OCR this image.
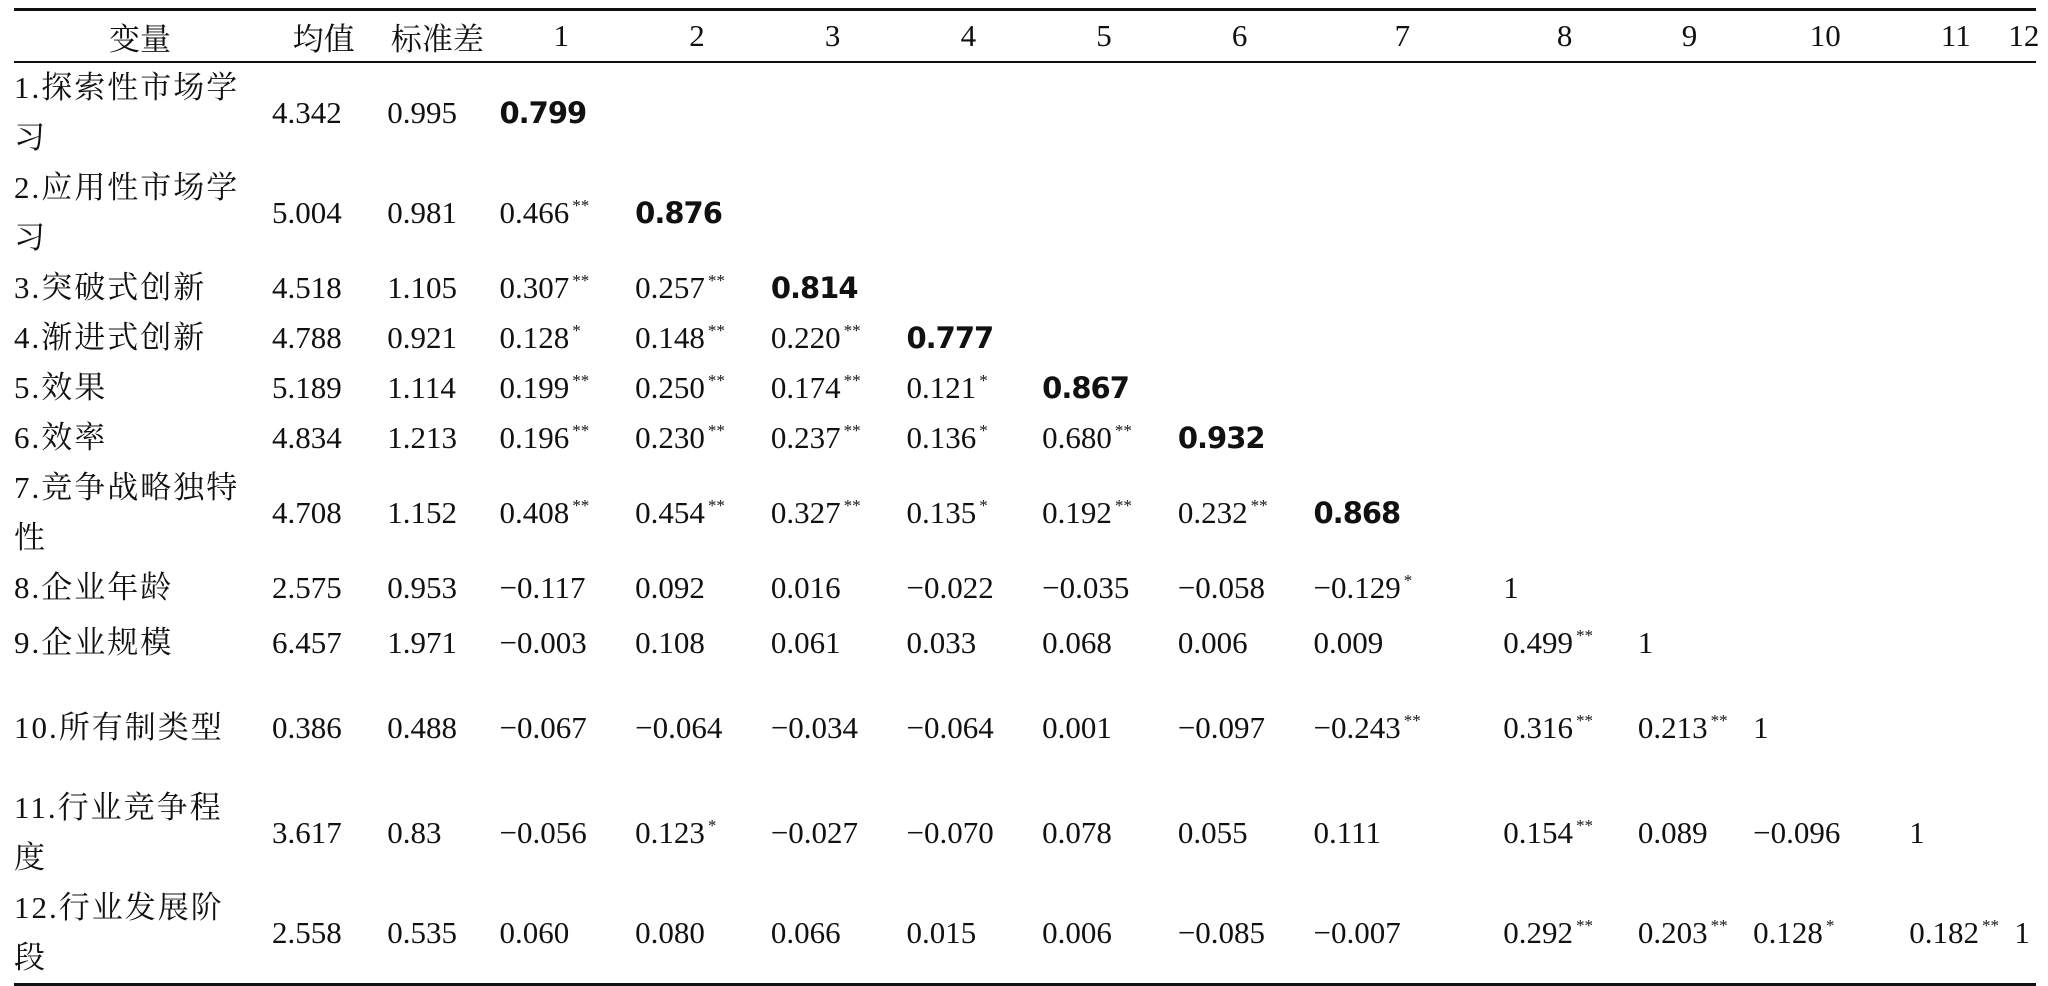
变量	均值	标准差	1	2	3	4	5	6	7	8	9	10	11	12
1.探索性市场学习	4.342	0.995	0.799											
2.应用性市场学习	5.004	0.981	0.466 **	0.876										
3.突破式创新	4.518	1.105	0.307 **	0.257 **	0.814									
4.渐进式创新	4.788	0.921	0.128 *	0.148 **	0.220 **	0.777								
5.效果	5.189	1.114	0.199 **	0.250 **	0.174 **	0.121 *	0.867							
6.效率	4.834	1.213	0.196 **	0.230 **	0.237 **	0.136 *	0.680 **	0.932						
7.竞争战略独特性	4.708	1.152	0.408 **	0.454 **	0.327 **	0.135 *	0.192 **	0.232 **	0.868					
8.企业年龄	2.575	0.953	−0.117	0.092	0.016	−0.022	−0.035	−0.058	−0.129 *	1				
9.企业规模	6.457	1.971	−0.003	0.108	0.061	0.033	0.068	0.006	0.009	0.499 **	1			
10.所有制类型	0.386	0.488	−0.067	−0.064	−0.034	−0.064	0.001	−0.097	−0.243 **	0.316 **	0.213 **	1		
11.行业竞争程度	3.617	0.83	−0.056	0.123 *	−0.027	−0.070	0.078	0.055	0.111	0.154 **	0.089	−0.096	1	
12.行业发展阶段	2.558	0.535	0.060	0.080	0.066	0.015	0.006	−0.085	−0.007	0.292 **	0.203 **	0.128 *	0.182 **	1
